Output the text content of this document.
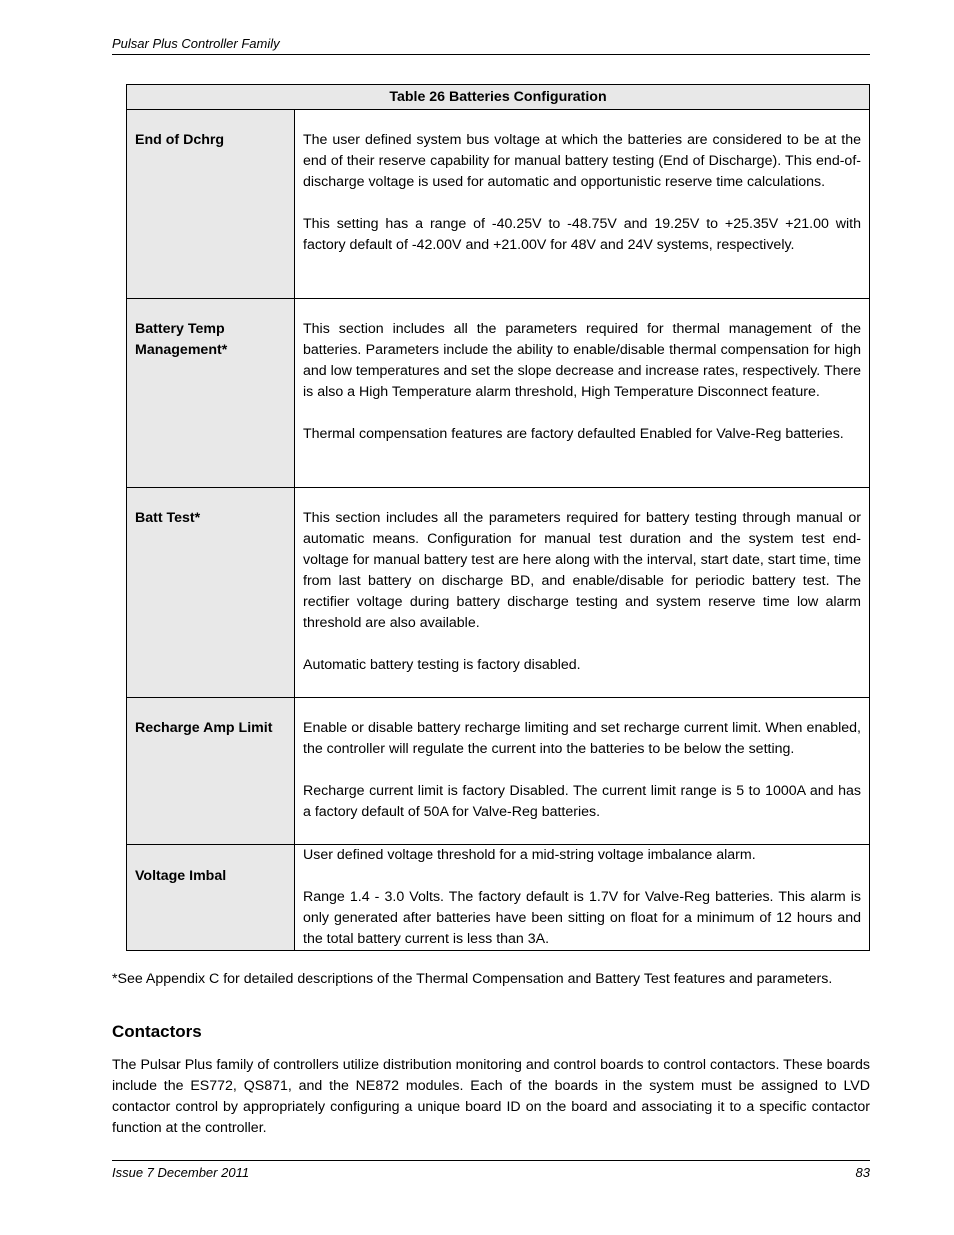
Pulsar Plus Controller Family
Table 26 Batteries Configuration	
End of Dchrg	The user defined system bus voltage at which the batteries are considered to be at the end of their reserve capability for manual battery testing (End of Discharge). This end-of-discharge voltage is used for automatic and opportunistic reserve time calculations.

This setting has a range of -40.25V to -48.75V and 19.25V to +25.35V +21.00 with factory default of -42.00V and +21.00V for 48V and 24V systems, respectively.

Battery Temp Management*	This section includes all the parameters required for thermal management of the batteries. Parameters include the ability to enable/disable thermal compensation for high and low temperatures and set the slope decrease and increase rates, respectively. There is also a High Temperature alarm threshold, High Temperature Disconnect feature.

Thermal compensation features are factory defaulted Enabled for Valve-Reg batteries.

Batt Test*	This section includes all the parameters required for battery testing through manual or automatic means. Configuration for manual test duration and the system test end-voltage for manual battery test are here along with the interval, start date, start time, time from last battery on discharge BD, and enable/disable for periodic battery test. The rectifier voltage during battery discharge testing and system reserve time low alarm threshold are also available.

Automatic battery testing is factory disabled.

Recharge Amp Limit	Enable or disable battery recharge limiting and set recharge current limit. When enabled, the controller will regulate the current into the batteries to be below the setting.

Recharge current limit is factory Disabled. The current limit range is 5 to 1000A and has a factory default of 50A for Valve-Reg batteries.

Voltage Imbal	User defined voltage threshold for a mid-string voltage imbalance alarm.

Range 1.4 - 3.0 Volts. The factory default is 1.7V for Valve-Reg batteries. This alarm is only generated after batteries have been sitting on float for a minimum of 12 hours and the total battery current is less than 3A.

*See Appendix C for detailed descriptions of the Thermal Compensation and Battery Test features and parameters.
Contactors
The Pulsar Plus family of controllers utilize distribution monitoring and control boards to control contactors. These boards include the ES772, QS871, and the NE872 modules. Each of the boards in the system must be assigned to LVD contactor control by appropriately configuring a unique board ID on the board and associating it to a specific contactor function at the controller.
Issue 7 December 2011	83
